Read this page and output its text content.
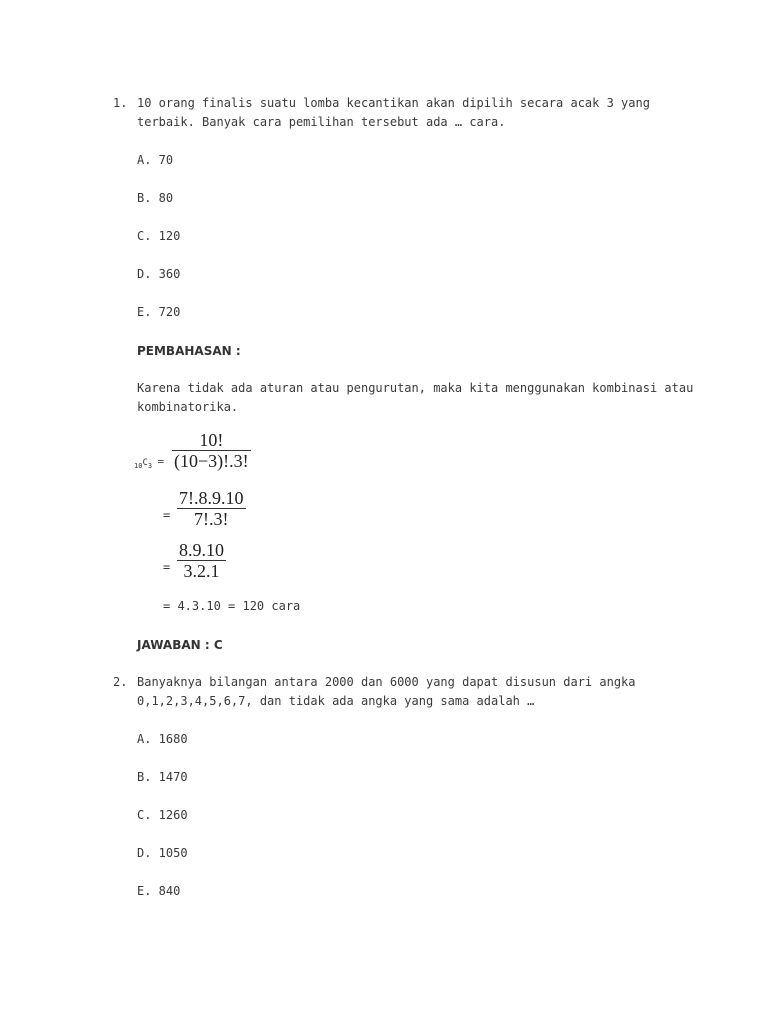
1. 10 orang finalis suatu lomba kecantikan akan dipilih secara acak 3 yang terbaik. Banyak cara pemilihan tersebut ada … cara.
A. 70
B. 80
C. 120
D. 360
E. 720
PEMBAHASAN :
Karena tidak ada aturan atau pengurutan, maka kita menggunakan kombinasi atau kombinatorika.
$_{10}C_3 = \frac{10!}{(10-3)!.3!}$
= $\frac{7!.8.9.10}{7!.3!}$
= $\frac{8.9.10}{3.2.1}$
= 4.3.10 = 120 cara
JAWABAN : C
2. Banyaknya bilangan antara 2000 dan 6000 yang dapat disusun dari angka 0,1,2,3,4,5,6,7, dan tidak ada angka yang sama adalah …
A. 1680
B. 1470
C. 1260
D. 1050
E. 840
